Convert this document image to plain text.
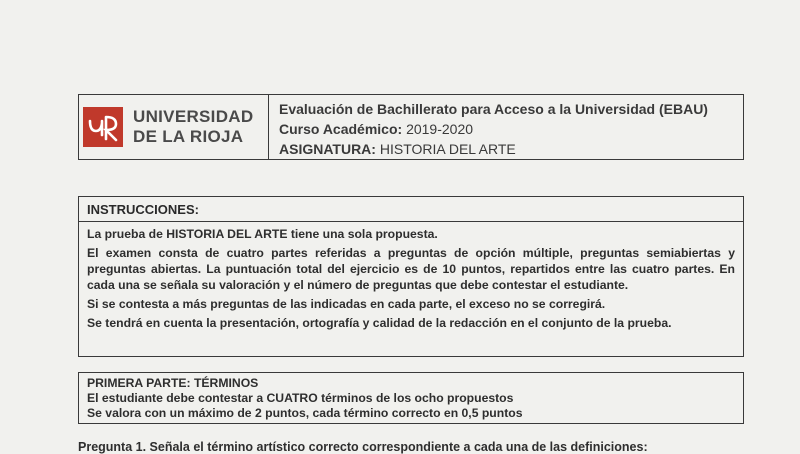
UNIVERSIDAD
DE LA RIOJA
Evaluación de Bachillerato para Acceso a la Universidad (EBAU)
Curso Académico: 2019-2020
ASIGNATURA: HISTORIA DEL ARTE
INSTRUCCIONES:

La prueba de HISTORIA DEL ARTE tiene una sola propuesta.

El examen consta de cuatro partes referidas a preguntas de opción múltiple, preguntas semiabiertas y preguntas abiertas. La puntuación total del ejercicio es de 10 puntos, repartidos entre las cuatro partes. En cada una se señala su valoración y el número de preguntas que debe contestar el estudiante.

Si se contesta a más preguntas de las indicadas en cada parte, el exceso no se corregirá.

Se tendrá en cuenta la presentación, ortografía y calidad de la redacción en el conjunto de la prueba.

PRIMERA PARTE: TÉRMINOS
El estudiante debe contestar a CUATRO términos de los ocho propuestos
Se valora con un máximo de 2 puntos, cada término correcto en 0,5 puntos
Pregunta 1. Señala el término artístico correcto correspondiente a cada una de las definiciones:
